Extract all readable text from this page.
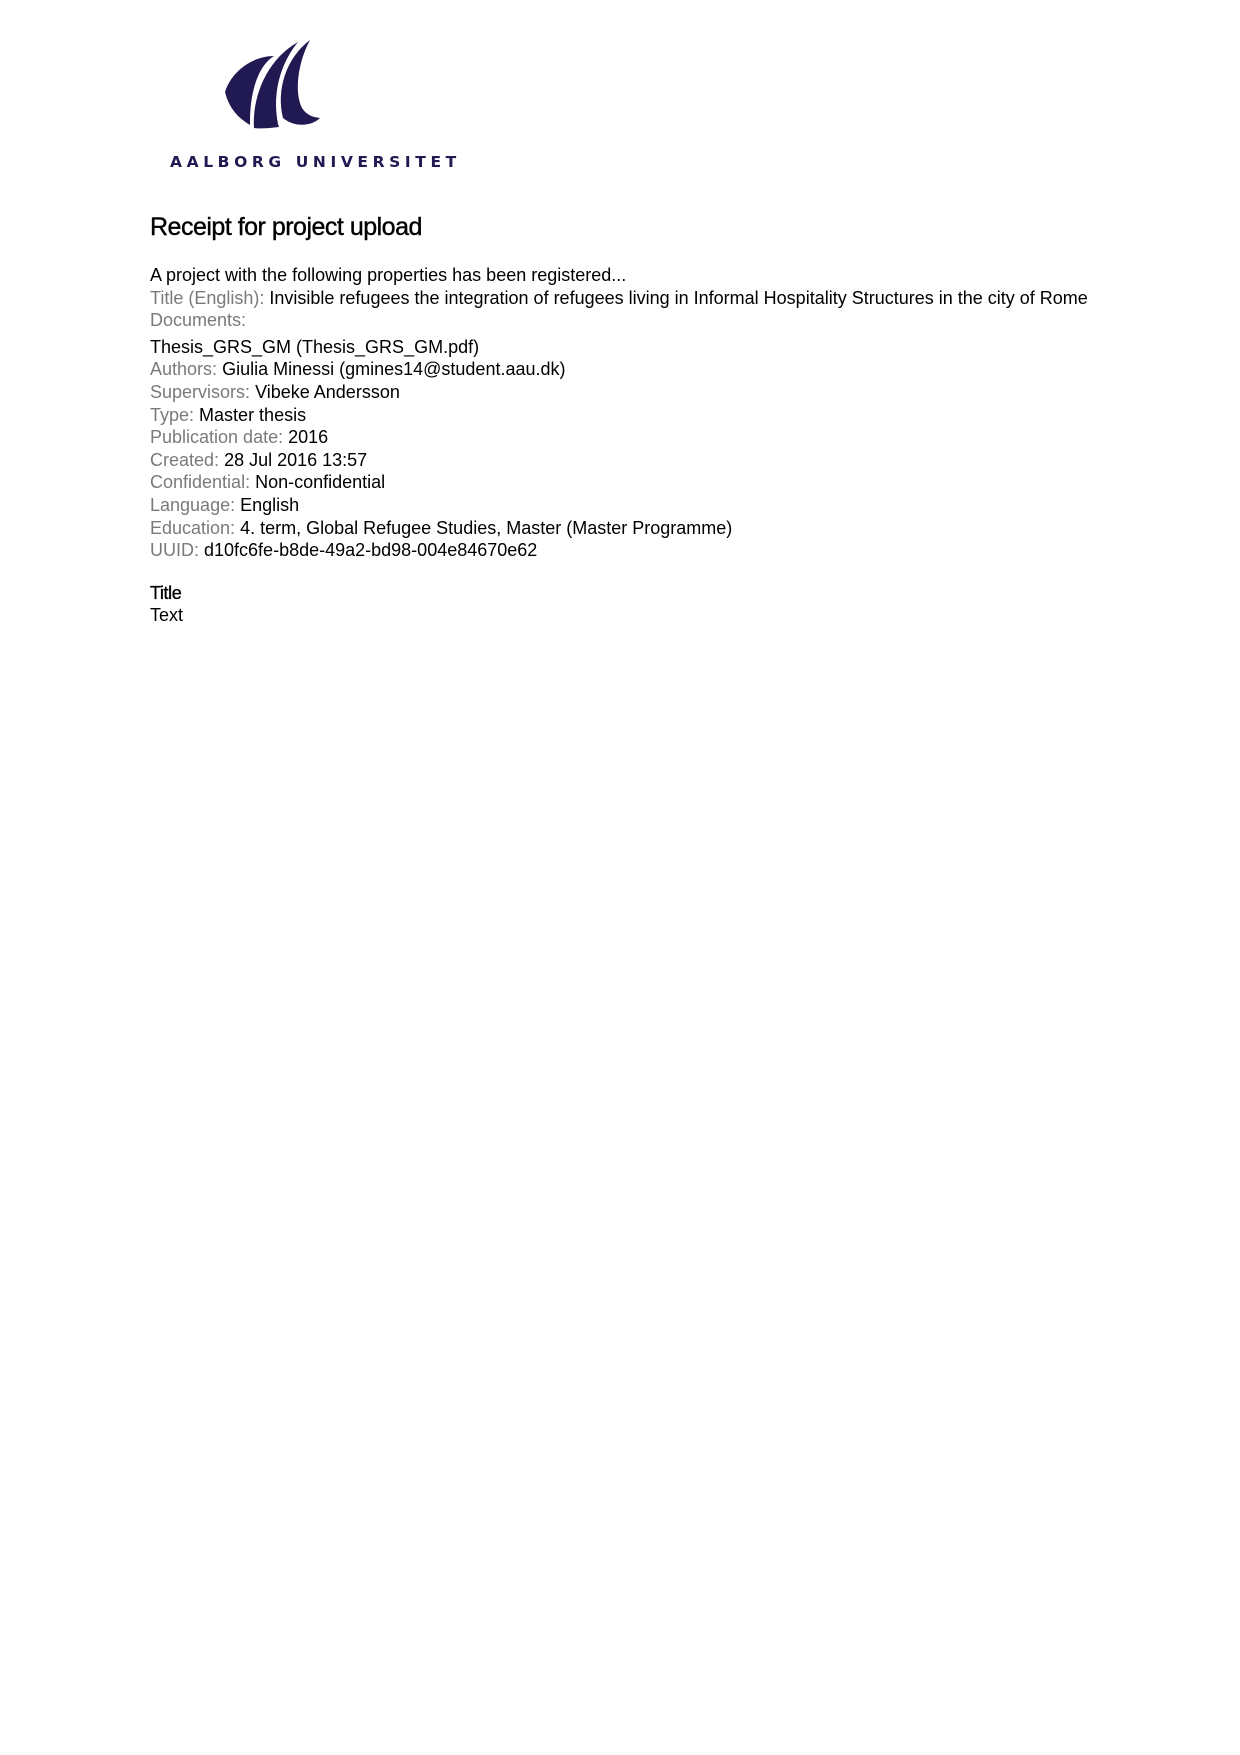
AALBORG UNIVERSITET
Receipt for project upload
A project with the following properties has been registered...
Title (English): Invisible refugees the integration of refugees living in Informal Hospitality Structures in the city of Rome
Documents:
Thesis_GRS_GM (Thesis_GRS_GM.pdf)
Authors: Giulia Minessi (gmines14@student.aau.dk)
Supervisors: Vibeke Andersson
Type: Master thesis
Publication date: 2016
Created: 28 Jul 2016 13:57
Confidential: Non-confidential
Language: English
Education: 4. term, Global Refugee Studies, Master (Master Programme)
UUID: d10fc6fe-b8de-49a2-bd98-004e84670e62
Title
Text
